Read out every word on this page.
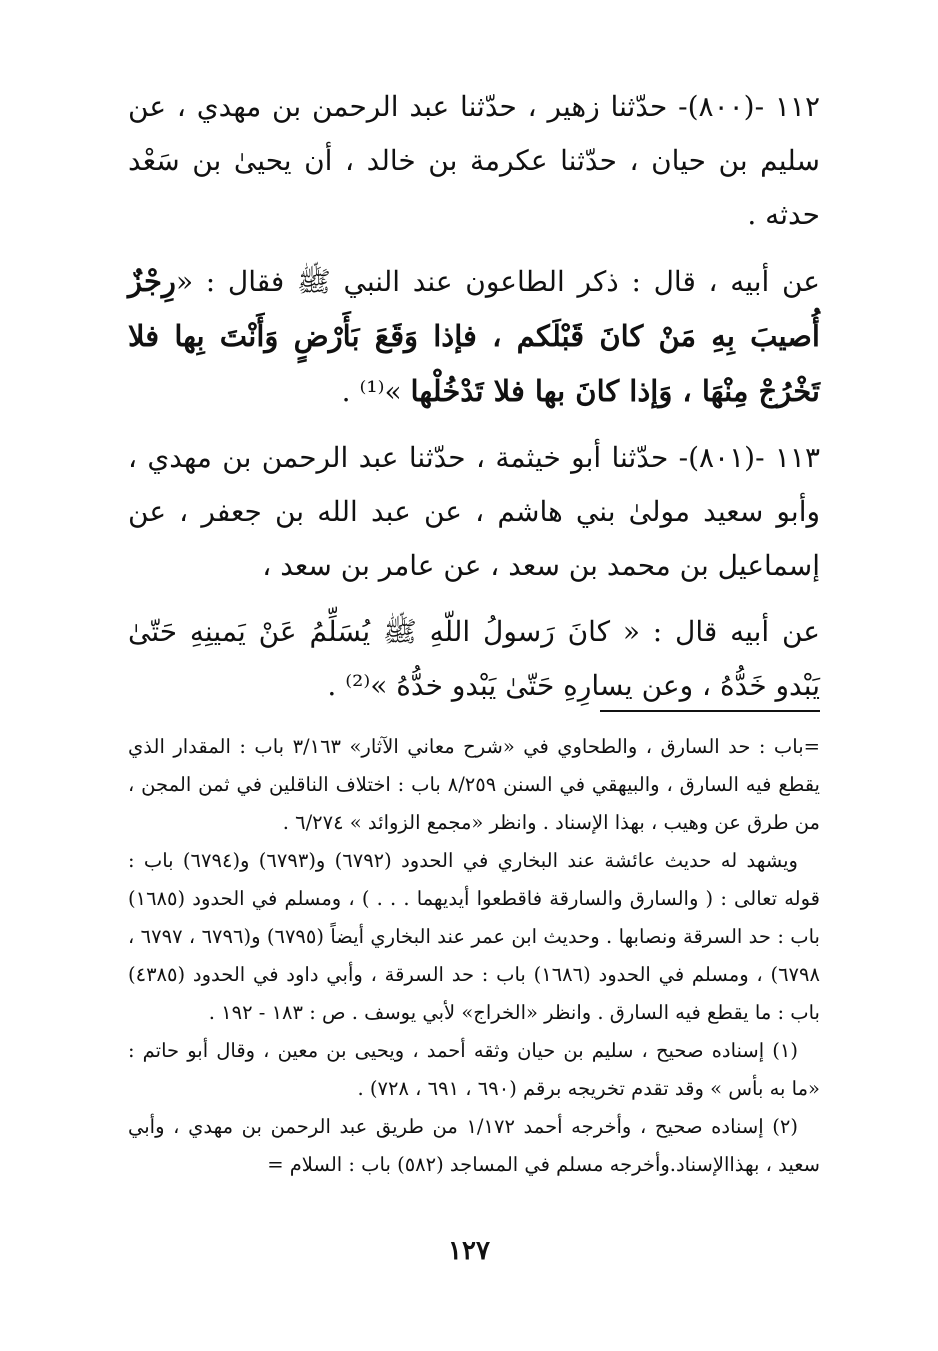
١١٢ -(٨٠٠)- حدّثنا زهير ، حدّثنا عبد الرحمن بن مهدي ، عن سليم بن حيان ، حدّثنا عكرمة بن خالد ، أن يحيىٰ بن سَعْد حدثه .

عن أبيه ، قال : ذكر الطاعون عند النبي ﷺ فقال : «رِجْزٌ أُصيبَ بِهِ مَنْ كانَ قَبْلَكم ، فإذا وَقَعَ بَأَرْضٍ وَأَنْتَ بِها فلا تَخْرُجْ مِنْهَا ، وَإذا كانَ بها فلا تَدْخُلْها »⁽¹⁾ .

١١٣ -(٨٠١)- حدّثنا أبو خيثمة ، حدّثنا عبد الرحمن بن مهدي ، وأبو سعيد مولىٰ بني هاشم ، عن عبد الله بن جعفر ، عن إسماعيل بن محمد بن سعد ، عن عامر بن سعد ،

عن أبيه قال : « كانَ رَسولُ اللّهِ ﷺ يُسَلِّمُ عَنْ يَمينِهِ حَتّىٰ يَبْدو خَدُّهُ ، وعن يسارِهِ حَتّىٰ يَبْدو خدُّهُ »⁽²⁾ .

=باب : حد السارق ، والطحاوي في «شرح معاني الآثار» ٣/١٦٣ باب : المقدار الذي يقطع فيه السارق ، والبيهقي في السنن ٨/٢٥٩ باب : اختلاف الناقلين في ثمن المجن ، من طرق عن وهيب ، بهذا الإسناد . وانظر «مجمع الزوائد » ٦/٢٧٤ .

ويشهد له حديث عائشة عند البخاري في الحدود (٦٧٩٢) و(٦٧٩٣) و(٦٧٩٤) باب : قوله تعالى : ( والسارق والسارقة فاقطعوا أيديهما . . . ) ، ومسلم في الحدود (١٦٨٥) باب : حد السرقة ونصابها . وحديث ابن عمر عند البخاري أيضاً (٦٧٩٥) و(٦٧٩٦ ، ٦٧٩٧ ، ٦٧٩٨) ، ومسلم في الحدود (١٦٨٦) باب : حد السرقة ، وأبي داود في الحدود (٤٣٨٥) باب : ما يقطع فيه السارق . وانظر «الخراج» لأبي يوسف . ص : ١٨٣ - ١٩٢ .

(١) إسناده صحيح ، سليم بن حيان وثقه أحمد ، ويحيى بن معين ، وقال أبو حاتم : «ما به بأس » وقد تقدم تخريجه برقم (٦٩٠ ، ٦٩١ ، ٧٢٨) .

(٢) إسناده صحيح ، وأخرجه أحمد ١/١٧٢ من طريق عبد الرحمن بن مهدي ، وأبي سعيد ، بهذاالإسناد.وأخرجه مسلم في المساجد (٥٨٢) باب : السلام =

١٢٧
